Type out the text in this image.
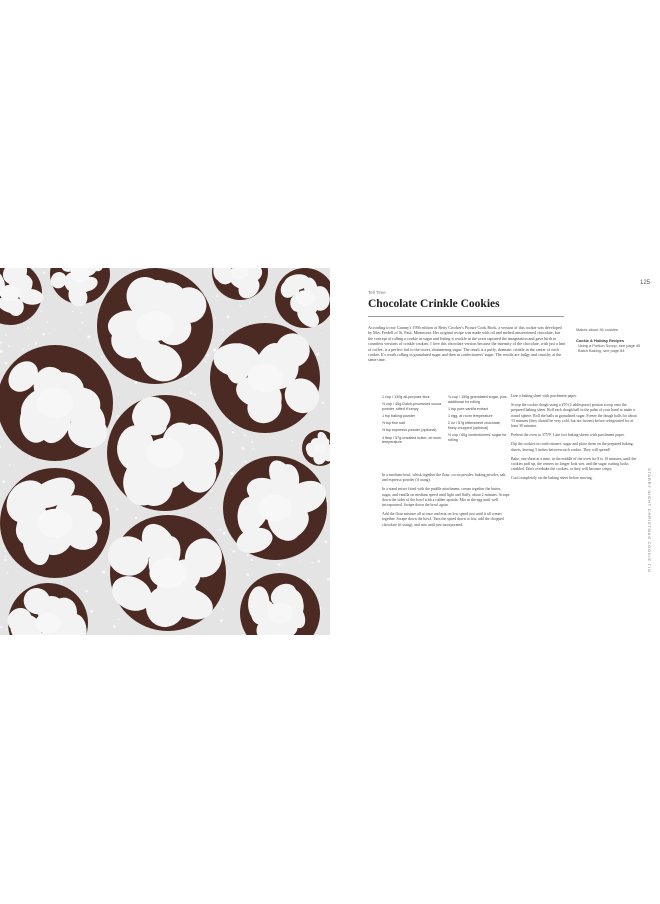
125
Tell Time
Chocolate Crinkle Cookies
According to my Granny's 1956 edition of Betty Crocker's Picture Cook Book, a version of this cookie was developed by Mrs. Fredell of St. Paul, Minnesota. Her original recipe was made with oil and melted unsweetened chocolate, but the concept of rolling a cookie in sugar and letting it crackle in the oven captured the imagination and gave birth to countless versions of crinkle cookies. I love this chocolate version because the intensity of the chocolate, with just a hint of coffee, is a perfect foil to the sweet, shimmering sugar. The result is a puffy, dramatic crinkle in the center of each cookie. It's worth rolling in granulated sugar and then in confectioners' sugar. The results are fudgy and crunchy at the same time.
Makes about 36 cookies
Cookie & Holiday Recipes
Using a Portion Scoop, see page 45
Batch Baking, see page 84
1 cup / 130g all-purpose flour
½ cup / 40g Dutch-processed cocoa powder, sifted if lumpy
1 tsp baking powder
½ tsp fine salt
½ tsp espresso powder (optional)
4 tbsp / 57g unsalted butter, at room temperature
¾ cup / 150g granulated sugar, plus additional for rolling
1 tsp pure vanilla extract
1 egg, at room temperature
2 oz / 57g bittersweet chocolate, finely chopped (optional)
½ cup / 60g confectioners' sugar for rolling

In a medium bowl, whisk together the flour, cocoa powder, baking powder, salt, and espresso powder (if using).

In a stand mixer fitted with the paddle attachment, cream together the butter, sugar, and vanilla on medium speed until light and fluffy, about 2 minutes. Scrape down the sides of the bowl with a rubber spatula. Mix in the egg until well incorporated. Scrape down the bowl again.

Add the flour mixture all at once and mix on low speed just until it all comes together. Scrape down the bowl. Turn the speed down to low, add the chopped chocolate (if using), and mix until just incorporated.

Line a baking sheet with parchment paper.

Scoop the cookie dough using a #70 (2 tablespoon) portion scoop onto the prepared baking sheet. Roll each dough ball in the palm of your hand to make a round sphere. Roll the balls in granulated sugar. Freeze the dough balls for about 15 minutes (they should be very cold, but not frozen) before refrigerated for at least 30 minutes.

Preheat the oven to 375°F. Line two baking sheets with parchment paper.

Dip the cookies in confectioners' sugar and place them on the prepared baking sheets, leaving 3 inches between each cookie. They will spread!

Bake, one sheet at a time, in the middle of the oven for 8 to 10 minutes, until the cookies puff up, the centers no longer look wet, and the sugar coating looks crinkled. Don't overbake the cookies, or they will become crispy.

Cool completely on the baking sheet before moving.	STARRY NIGHT CHRISTMAS COOKIE TIN
